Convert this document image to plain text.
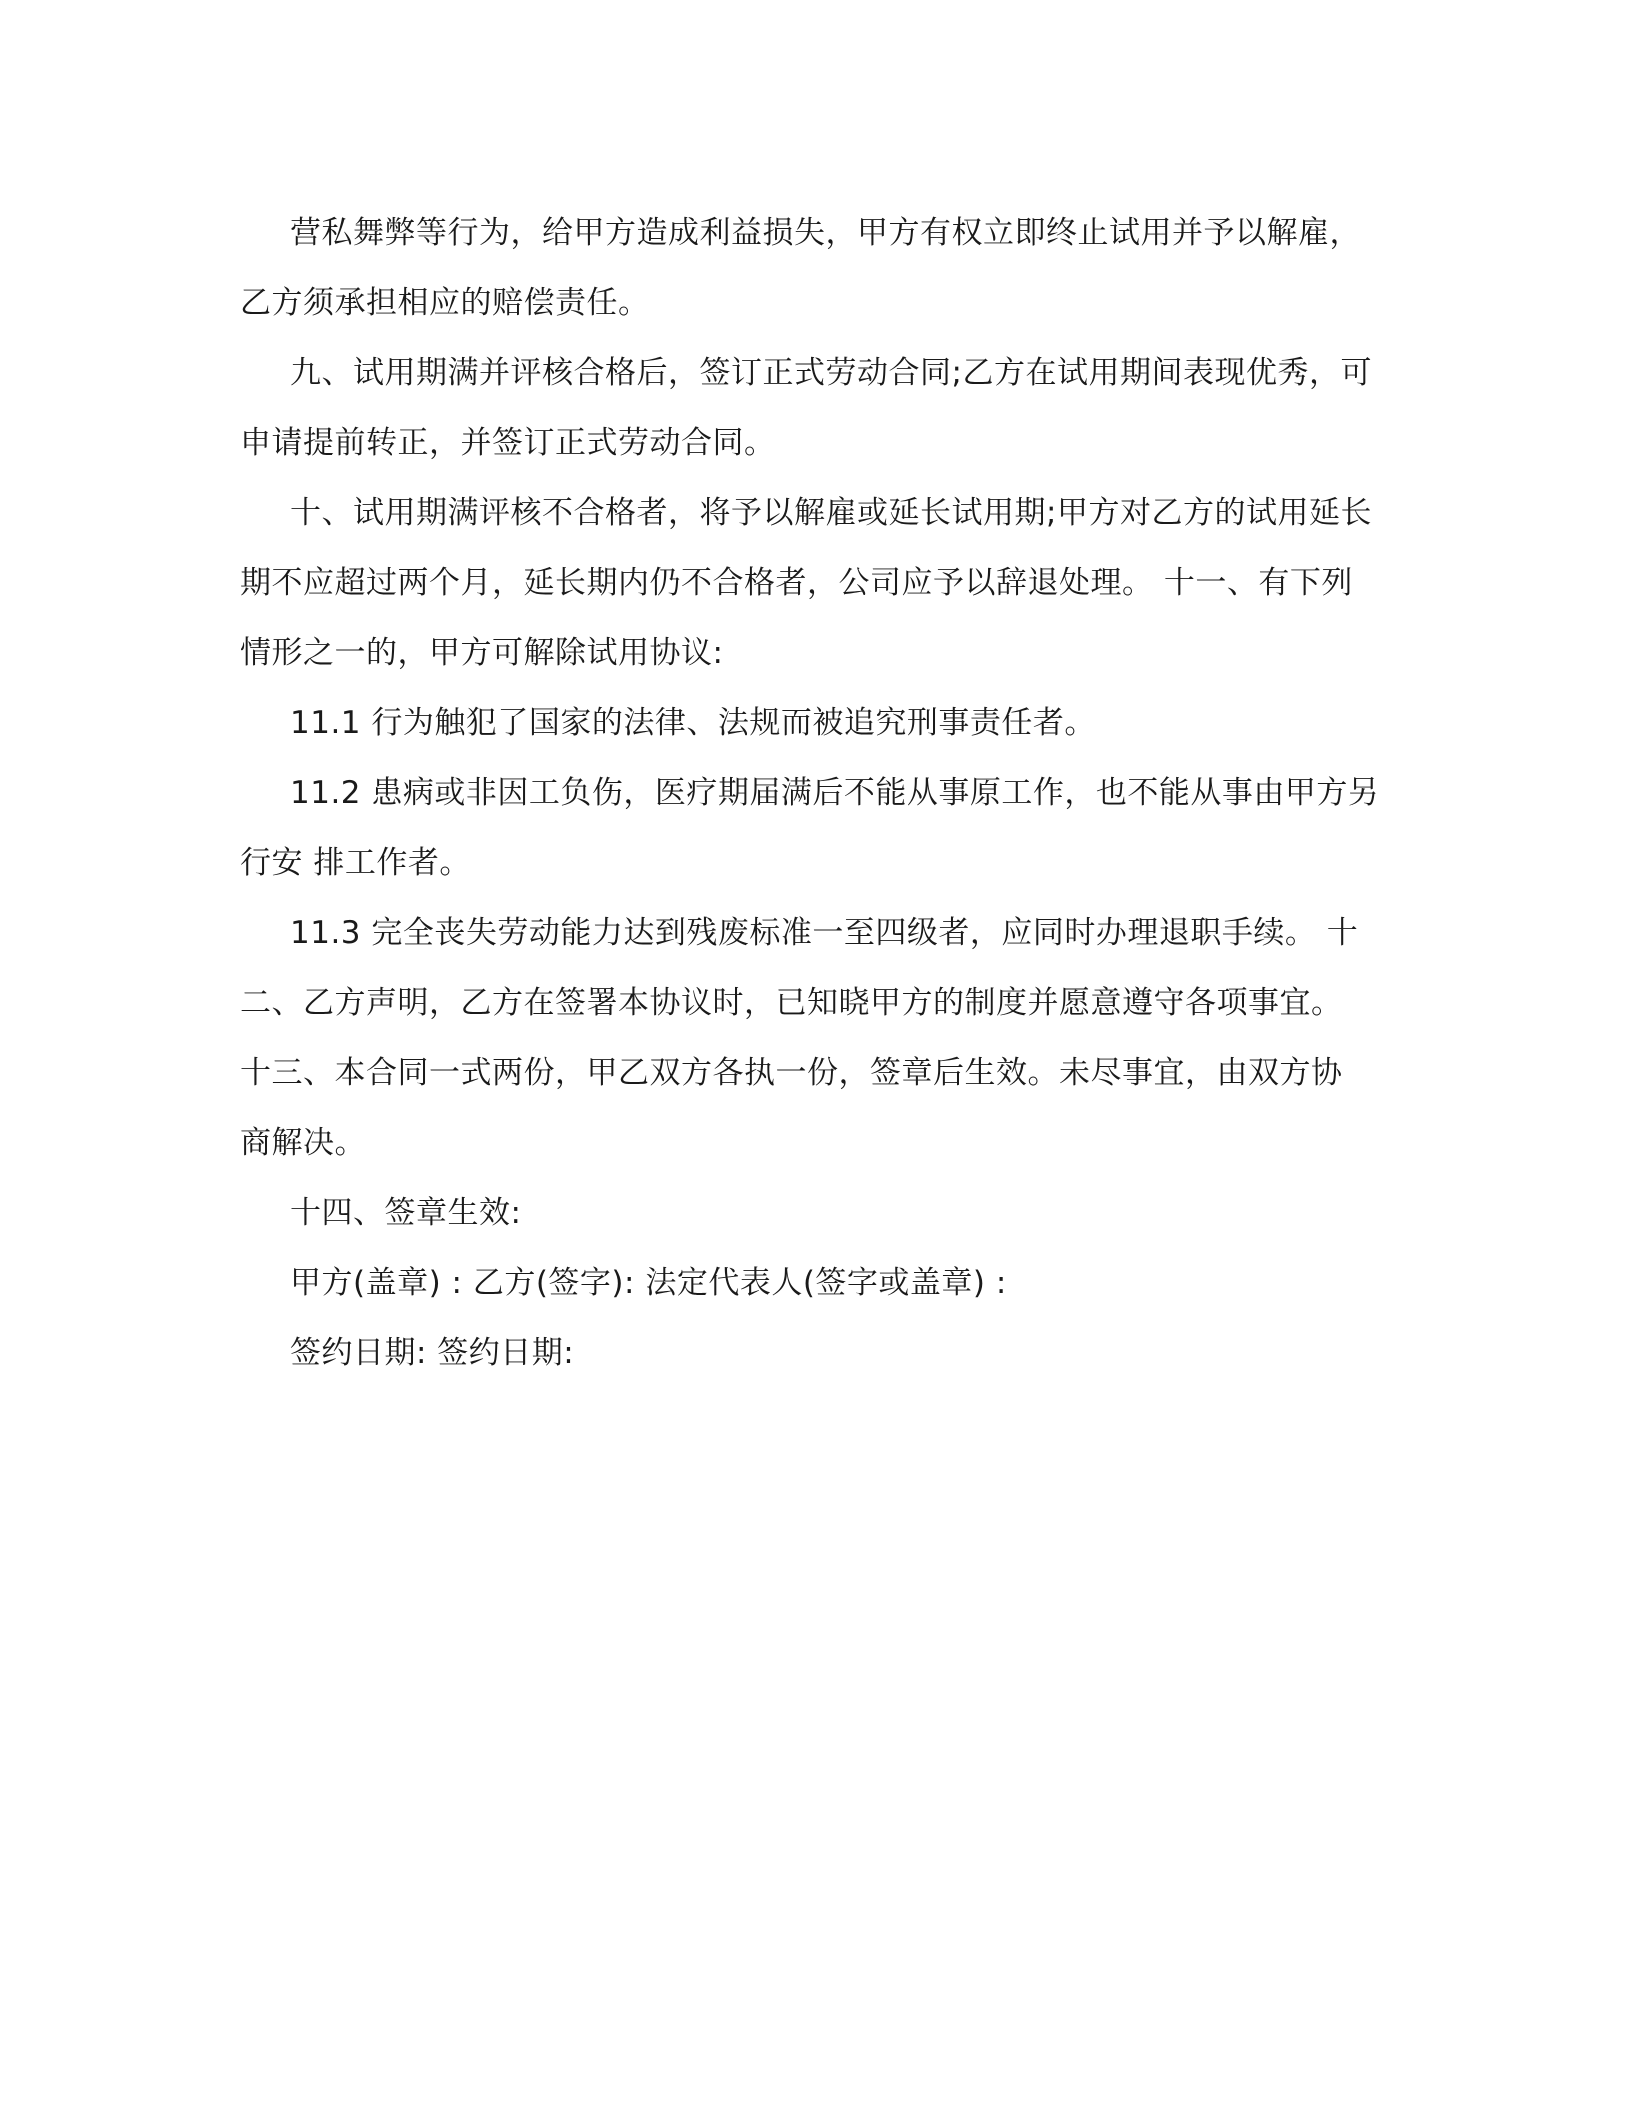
营私舞弊等行为，给甲方造成利益损失，甲方有权立即终止试用并予以解雇，
乙方须承担相应的赔偿责任。
九、试用期满并评核合格后，签订正式劳动合同;乙方在试用期间表现优秀，可
申请提前转正，并签订正式劳动合同。
十、试用期满评核不合格者，将予以解雇或延长试用期;甲方对乙方的试用延长
期不应超过两个月，延长期内仍不合格者，公司应予以辞退处理。 十一、有下列
情形之一的，甲方可解除试用协议:
11.1 行为触犯了国家的法律、法规而被追究刑事责任者。
11.2 患病或非因工负伤，医疗期届满后不能从事原工作，也不能从事由甲方另
行安 排工作者。
11.3 完全丧失劳动能力达到残废标准一至四级者，应同时办理退职手续。 十
二、乙方声明，乙方在签署本协议时，已知晓甲方的制度并愿意遵守各项事宜。
十三、本合同一式两份，甲乙双方各执一份，签章后生效。未尽事宜，由双方协
商解决。
十四、签章生效:
甲方(盖章) : 乙方(签字): 法定代表人(签字或盖章) :
签约日期: 签约日期:
